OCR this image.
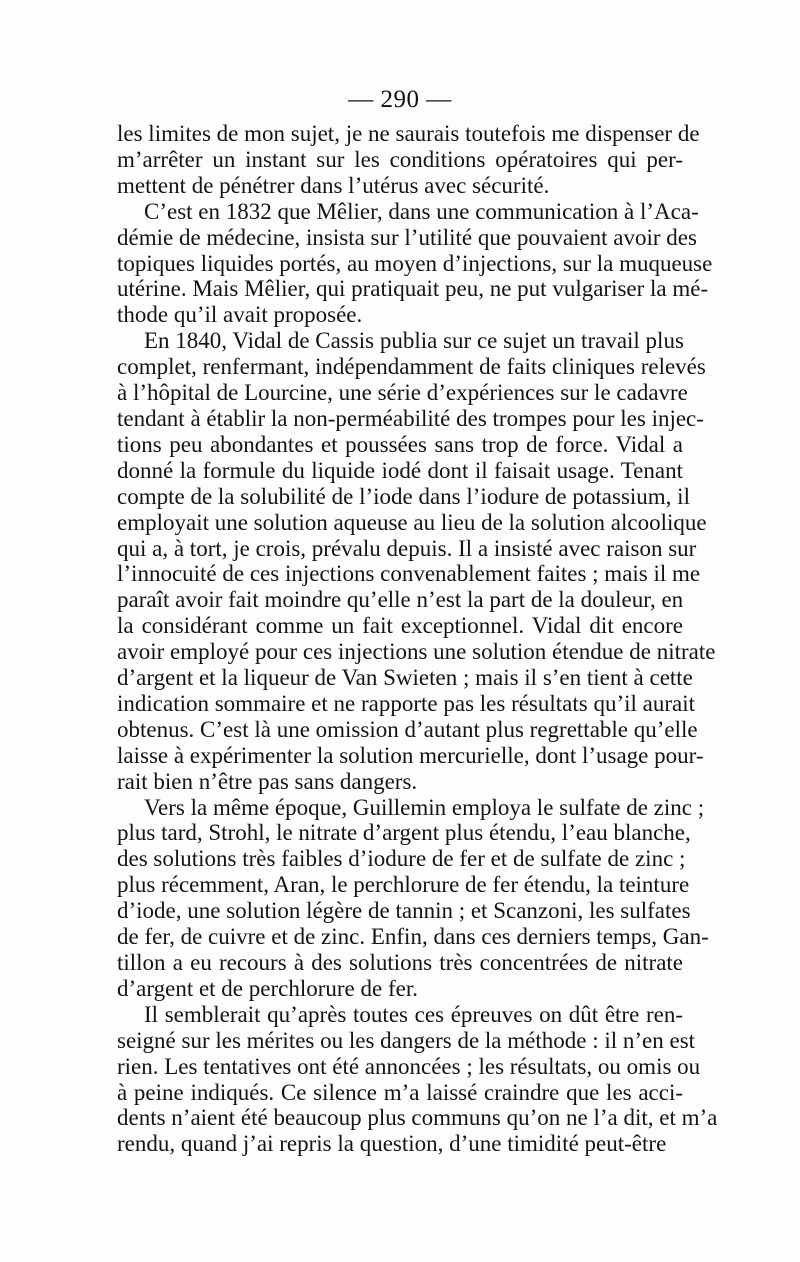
— 290 —

les limites de mon sujet, je ne saurais toutefois me dispenser de
m’arrêter un instant sur les conditions opératoires qui per-
mettent de pénétrer dans l’utérus avec sécurité.

C’est en 1832 que Mêlier, dans une communication à l’Aca-
démie de médecine, insista sur l’utilité que pouvaient avoir des
topiques liquides portés, au moyen d’injections, sur la muqueuse
utérine. Mais Mêlier, qui pratiquait peu, ne put vulgariser la mé-
thode qu’il avait proposée.

En 1840, Vidal de Cassis publia sur ce sujet un travail plus
complet, renfermant, indépendamment de faits cliniques relevés
à l’hôpital de Lourcine, une série d’expériences sur le cadavre
tendant à établir la non-perméabilité des trompes pour les injec-
tions peu abondantes et poussées sans trop de force. Vidal a
donné la formule du liquide iodé dont il faisait usage. Tenant
compte de la solubilité de l’iode dans l’iodure de potassium, il
employait une solution aqueuse au lieu de la solution alcoolique
qui a, à tort, je crois, prévalu depuis. Il a insisté avec raison sur
l’innocuité de ces injections convenablement faites ; mais il me
paraît avoir fait moindre qu’elle n’est la part de la douleur, en
la considérant comme un fait exceptionnel. Vidal dit encore
avoir employé pour ces injections une solution étendue de nitrate
d’argent et la liqueur de Van Swieten ; mais il s’en tient à cette
indication sommaire et ne rapporte pas les résultats qu’il aurait
obtenus. C’est là une omission d’autant plus regrettable qu’elle
laisse à expérimenter la solution mercurielle, dont l’usage pour-
rait bien n’être pas sans dangers.

Vers la même époque, Guillemin employa le sulfate de zinc ;
plus tard, Strohl, le nitrate d’argent plus étendu, l’eau blanche,
des solutions très faibles d’iodure de fer et de sulfate de zinc ;
plus récemment, Aran, le perchlorure de fer étendu, la teinture
d’iode, une solution légère de tannin ; et Scanzoni, les sulfates
de fer, de cuivre et de zinc. Enfin, dans ces derniers temps, Gan-
tillon a eu recours à des solutions très concentrées de nitrate
d’argent et de perchlorure de fer.

Il semblerait qu’après toutes ces épreuves on dût être ren-
seigné sur les mérites ou les dangers de la méthode : il n’en est
rien. Les tentatives ont été annoncées ; les résultats, ou omis ou
à peine indiqués. Ce silence m’a laissé craindre que les acci-
dents n’aient été beaucoup plus communs qu’on ne l’a dit, et m’a
rendu, quand j’ai repris la question, d’une timidité peut-être
